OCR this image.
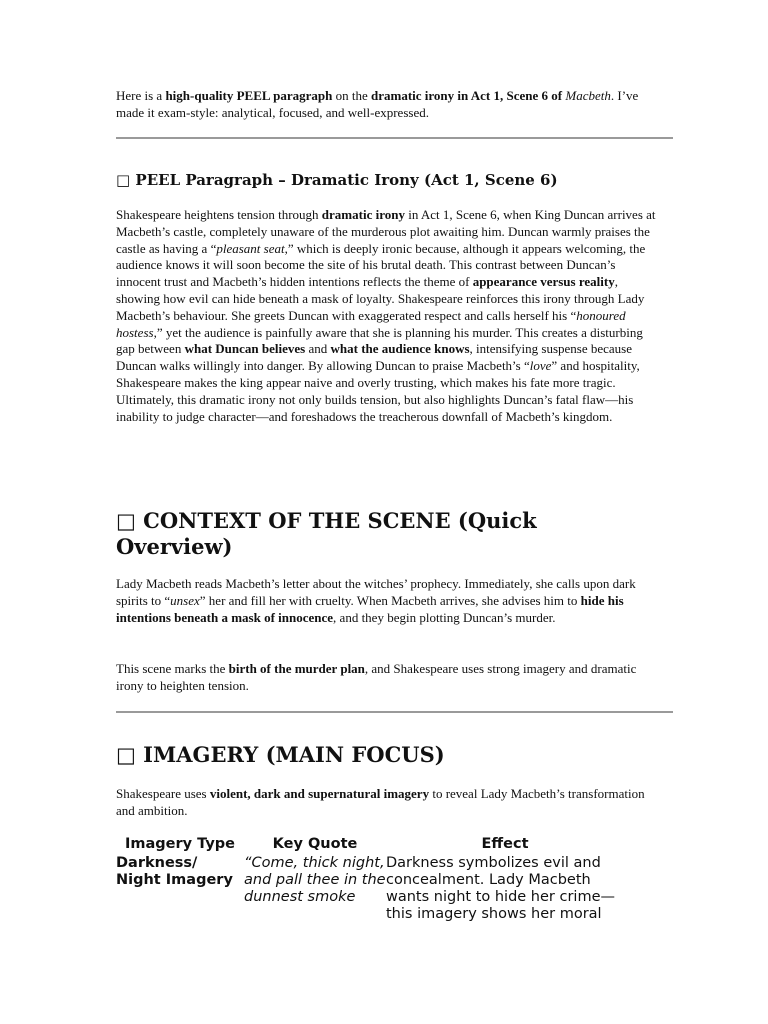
Here is a high-quality PEEL paragraph on the dramatic irony in Act 1, Scene 6 of Macbeth. I’ve made it exam-style: analytical, focused, and well-expressed.
□ PEEL Paragraph – Dramatic Irony (Act 1, Scene 6)
Shakespeare heightens tension through dramatic irony in Act 1, Scene 6, when King Duncan arrives at Macbeth’s castle, completely unaware of the murderous plot awaiting him. Duncan warmly praises the castle as having a “pleasant seat,” which is deeply ironic because, although it appears welcoming, the audience knows it will soon become the site of his brutal death. This contrast between Duncan’s innocent trust and Macbeth’s hidden intentions reflects the theme of appearance versus reality, showing how evil can hide beneath a mask of loyalty. Shakespeare reinforces this irony through Lady Macbeth’s behaviour. She greets Duncan with exaggerated respect and calls herself his “honoured hostess,” yet the audience is painfully aware that she is planning his murder. This creates a disturbing gap between what Duncan believes and what the audience knows, intensifying suspense because Duncan walks willingly into danger. By allowing Duncan to praise Macbeth’s “love” and hospitality, Shakespeare makes the king appear naive and overly trusting, which makes his fate more tragic. Ultimately, this dramatic irony not only builds tension, but also highlights Duncan’s fatal flaw—his inability to judge character—and foreshadows the treacherous downfall of Macbeth’s kingdom.
□ CONTEXT OF THE SCENE (Quick Overview)
Lady Macbeth reads Macbeth’s letter about the witches’ prophecy. Immediately, she calls upon dark spirits to “unsex” her and fill her with cruelty. When Macbeth arrives, she advises him to hide his intentions beneath a mask of innocence, and they begin plotting Duncan’s murder.
This scene marks the birth of the murder plan, and Shakespeare uses strong imagery and dramatic irony to heighten tension.
□ IMAGERY (MAIN FOCUS)
Shakespeare uses violent, dark and supernatural imagery to reveal Lady Macbeth’s transformation and ambition.
Imagery Type	Key Quote	Effect
Darkness/ Night Imagery	“Come, thick night, and pall thee in the dunnest smoke	Darkness symbolizes evil and concealment. Lady Macbeth wants night to hide her crime—this imagery shows her moral
